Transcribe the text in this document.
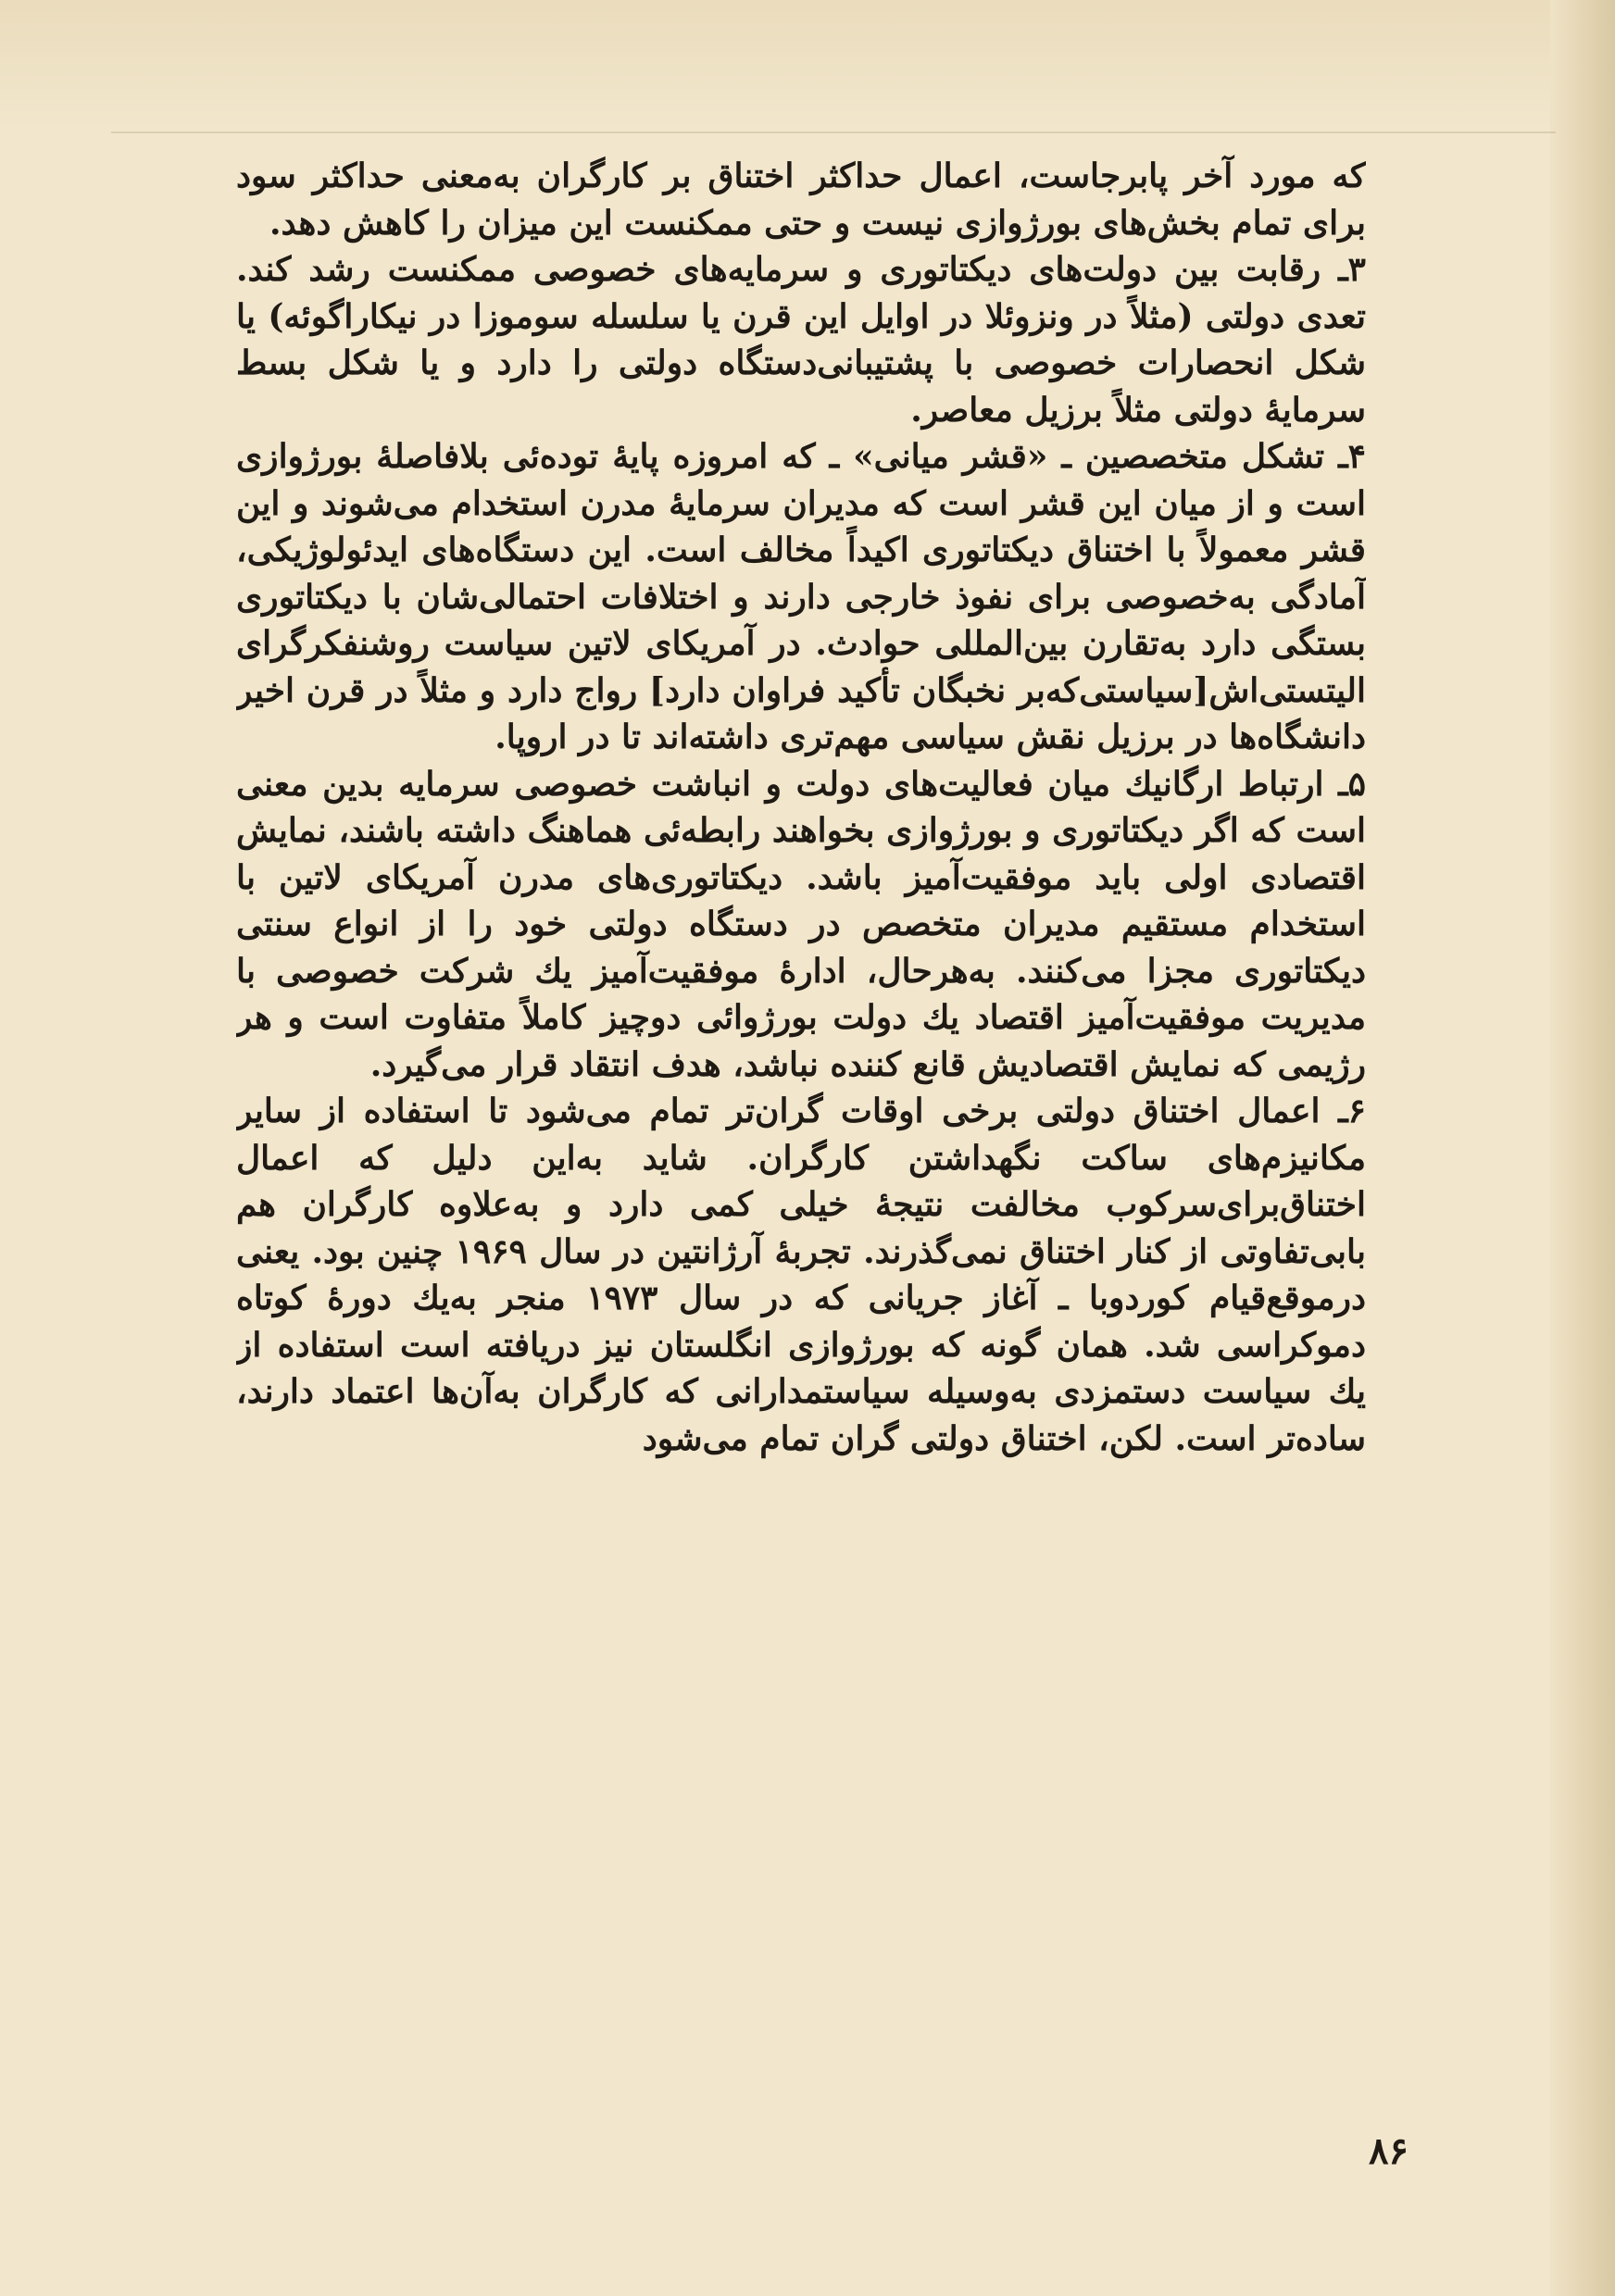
که مورد آخر پابرجاست، اعمال حداکثر اختناق بر کارگران به‌معنی حداکثر سود برای تمام بخش‌های بورژوازی نیست و حتی ممکنست این میزان را کاهش دهد.

۳ـ رقابت بین دولت‌های دیکتاتوری و سرمایه‌های خصوصی ممکنست رشد کند. تعدی دولتی (مثلاً در ونزوئلا در اوایل این قرن یا سلسله سوموزا در نیکاراگوئه) یا شکل انحصارات خصوصی با پشتیبانی‌دستگاه دولتی را دارد و یا شکل بسط سرمایهٔ دولتی مثلاً برزیل معاصر.

۴ـ تشکل متخصصین ـ «قشر میانی» ـ که امروزه پایهٔ توده‌ئی بلافاصلهٔ بورژوازی است و از میان این قشر است که مدیران سرمایهٔ مدرن استخدام می‌شوند و این قشر معمولاً با اختناق دیکتاتوری اکیداً مخالف است. این دستگاه‌های ایدئولوژیکی، آمادگی به‌خصوصی برای نفوذ خارجی دارند و اختلافات احتمالی‌شان با دیکتاتوری بستگی دارد به‌تقارن بین‌المللی حوادث. در آمریکای لاتین سیاست روشنفکرگرای الیتستی‌اش[سیاستی‌که‌بر نخبگان تأکید فراوان دارد] رواج دارد و مثلاً در قرن اخیر دانشگاه‌ها در برزیل نقش سیاسی مهم‌تری داشته‌اند تا در اروپا.

۵ـ ارتباط ارگانیك میان فعالیت‌های دولت و انباشت خصوصی سرمایه بدین معنی است که اگر دیکتاتوری و بورژوازی بخواهند رابطه‌ئی هماهنگ داشته باشند، نمایش اقتصادی اولی باید موفقیت‌آمیز باشد. دیکتاتوری‌های مدرن آمریکای لاتین با استخدام مستقیم مدیران متخصص در دستگاه دولتی خود را از انواع سنتی دیکتاتوری مجزا می‌کنند. به‌هرحال، ادارهٔ موفقیت‌آمیز یك شرکت خصوصی با مدیریت موفقیت‌آمیز اقتصاد یك دولت بورژوائی دوچیز کاملاً متفاوت است و هر رژیمی که نمایش اقتصادیش قانع کننده نباشد، هدف انتقاد قرار می‌گیرد.

۶ـ اعمال اختناق دولتی برخی اوقات گران‌تر تمام می‌شود تا استفاده از سایر مکانیزم‌های ساکت نگهداشتن کارگران. شاید به‌این دلیل که اعمال اختناق‌برای‌سرکوب مخالفت نتیجهٔ خیلی کمی دارد و به‌علاوه کارگران هم با‌بی‌تفاوتی از کنار اختناق نمی‌گذرند. تجربهٔ آرژانتین در سال ۱۹۶۹ چنین بود. یعنی درموقع‌قیام کوردوبا ـ آغاز جریانی که در سال ۱۹۷۳ منجر به‌یك دورهٔ کوتاه دموکراسی شد. همان گونه که بورژوازی انگلستان نیز دریافته است استفاده از یك سیاست دستمزدی به‌وسیله سیاستمدارانی که کارگران به‌آن‌ها اعتماد دارند، ساده‌تر است. لکن، اختناق دولتی گران تمام می‌شود

۸۶
